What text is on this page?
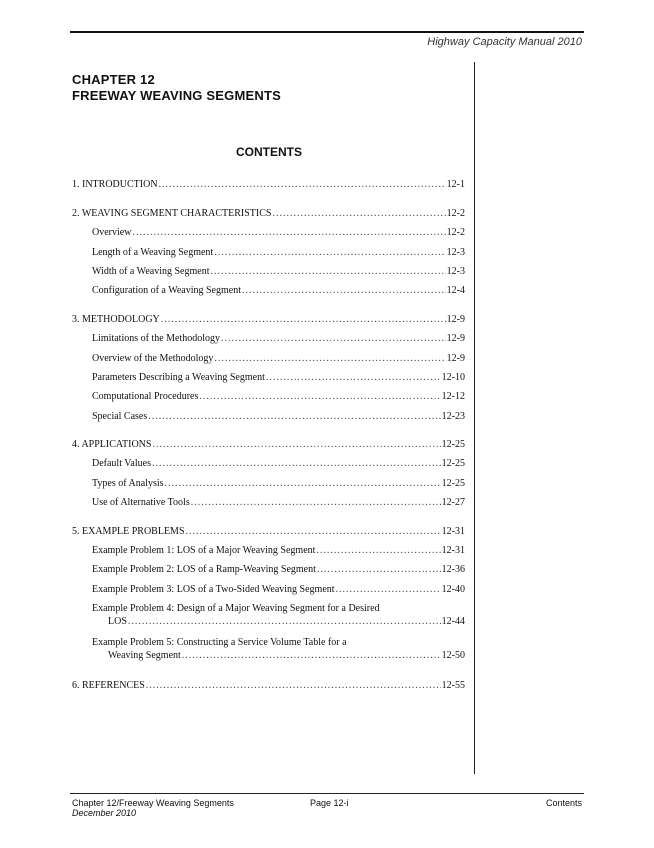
Highway Capacity Manual 2010
CHAPTER 12
FREEWAY WEAVING SEGMENTS
CONTENTS
1. INTRODUCTION .....	12-1
2. WEAVING SEGMENT CHARACTERISTICS .....	12-2
Overview .....	12-2
Length of a Weaving Segment .....	12-3
Width of a Weaving Segment .....	12-3
Configuration of a Weaving Segment .....	12-4
3. METHODOLOGY .....	12-9
Limitations of the Methodology .....	12-9
Overview of the Methodology .....	12-9
Parameters Describing a Weaving Segment .....	12-10
Computational Procedures .....	12-12
Special Cases .....	12-23
4. APPLICATIONS .....	12-25
Default Values .....	12-25
Types of Analysis .....	12-25
Use of Alternative Tools .....	12-27
5. EXAMPLE PROBLEMS .....	12-31
Example Problem 1: LOS of a Major Weaving Segment .....	12-31
Example Problem 2: LOS of a Ramp-Weaving Segment .....	12-36
Example Problem 3: LOS of a Two-Sided Weaving Segment .....	12-40
Example Problem 4: Design of a Major Weaving Segment for a Desired
LOS .....	12-44
Example Problem 5: Constructing a Service Volume Table for a
Weaving Segment .....	12-50
6. REFERENCES .....	12-55
Chapter 12/Freeway Weaving Segments
December 2010
Page 12-i	Contents
